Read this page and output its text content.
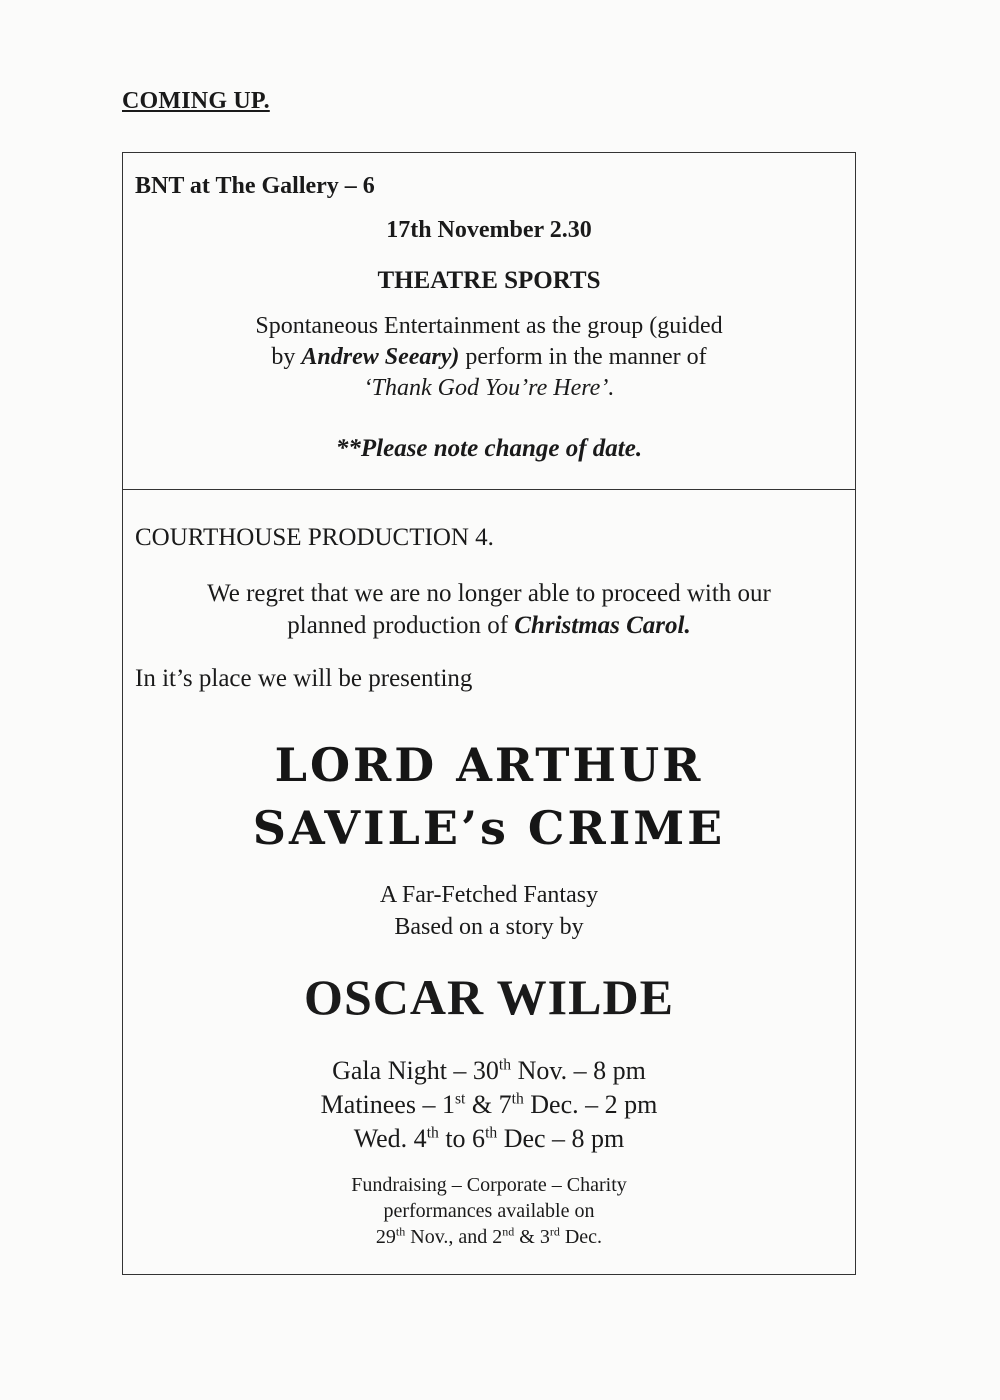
COMING UP.
BNT at The Gallery – 6
17th November 2.30
THEATRE SPORTS
Spontaneous Entertainment as the group (guided
by Andrew Seeary) perform in the manner of
‘Thank God You’re Here’.
**Please note change of date.
COURTHOUSE PRODUCTION 4.
We regret that we are no longer able to proceed with our
planned production of Christmas Carol.
In it’s place we will be presenting
LORD ARTHUR
SAVILE’s CRIME
A Far-Fetched Fantasy
Based on a story by
OSCAR WILDE
Gala Night – 30th Nov. – 8 pm
Matinees – 1st & 7th Dec. – 2 pm
Wed. 4th to 6th Dec – 8 pm
Fundraising – Corporate – Charity
performances available on
29th Nov., and 2nd & 3rd Dec.
